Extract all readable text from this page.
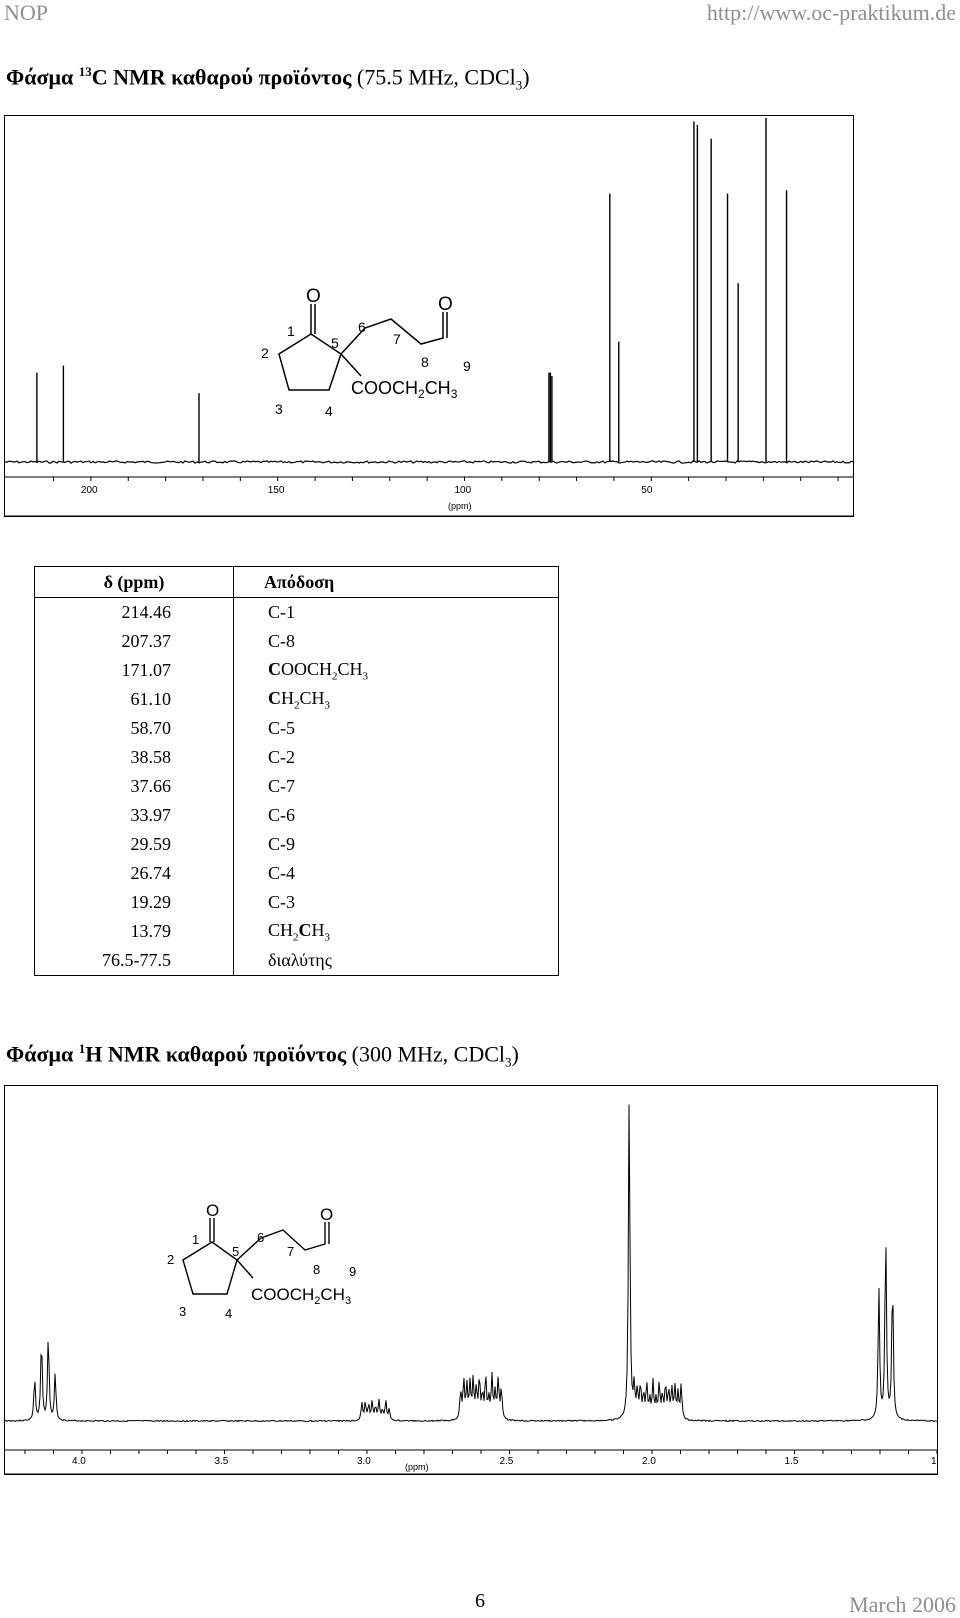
NOP	http://www.oc-praktikum.de
Φάσμα $^{13}$C NMR καθαρού προϊόντος (75.5 MHz, CDCl$_3$)
200	150	100	50
(ppm)
O	O
1
2
3	4
5
6
7
8 9
$COOCH_2CH_3$
δ (ppm)	Απόδοση
214.46	C-1
207.37	C-8
171.07	$COOCH_2CH_3$
61.10	$CH_2CH_3$
58.70	C-5
38.58	C-2
37.66	C-7
33.97	C-6
29.59	C-9
26.74	C-4
19.29	C-3
13.79	$CH_2CH_3$
76.5-77.5	διαλύτης
Φάσμα $^1$H NMR καθαρού προϊόντος (300 MHz, CDCl$_3$)
4.0	3.5	3.0	2.5	2.0	1.5	1
(ppm)
O	O
1
2
3	4
5
6
7
8 9
$COOCH_2CH_3$
6	March 2006
